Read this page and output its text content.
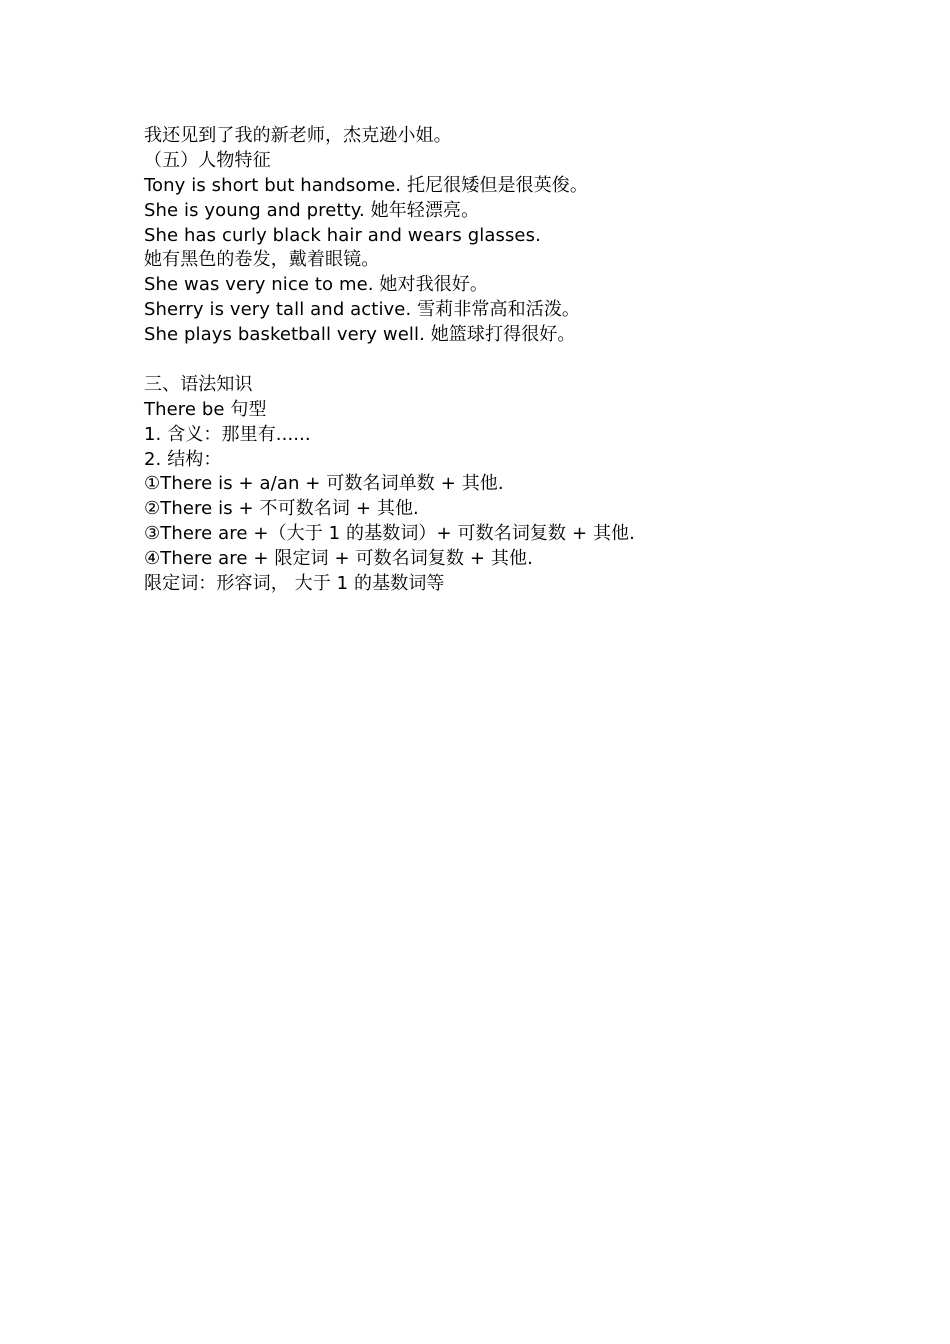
我还见到了我的新老师，杰克逊小姐。
（五）人物特征
Tony is short but handsome. 托尼很矮但是很英俊。
She is young and pretty. 她年轻漂亮。
She has curly black hair and wears glasses.
她有黑色的卷发，戴着眼镜。
She was very nice to me. 她对我很好。
Sherry is very tall and active. 雪莉非常高和活泼。
She plays basketball very well. 她篮球打得很好。
三、语法知识
There be 句型
1. 含义：那里有......
2. 结构：
①There is + a/an + 可数名词单数 + 其他.
②There is + 不可数名词 + 其他.
③There are +（大于 1 的基数词）+ 可数名词复数 + 其他.
④There are + 限定词 + 可数名词复数 + 其他.
限定词：形容词， 大于 1 的基数词等
